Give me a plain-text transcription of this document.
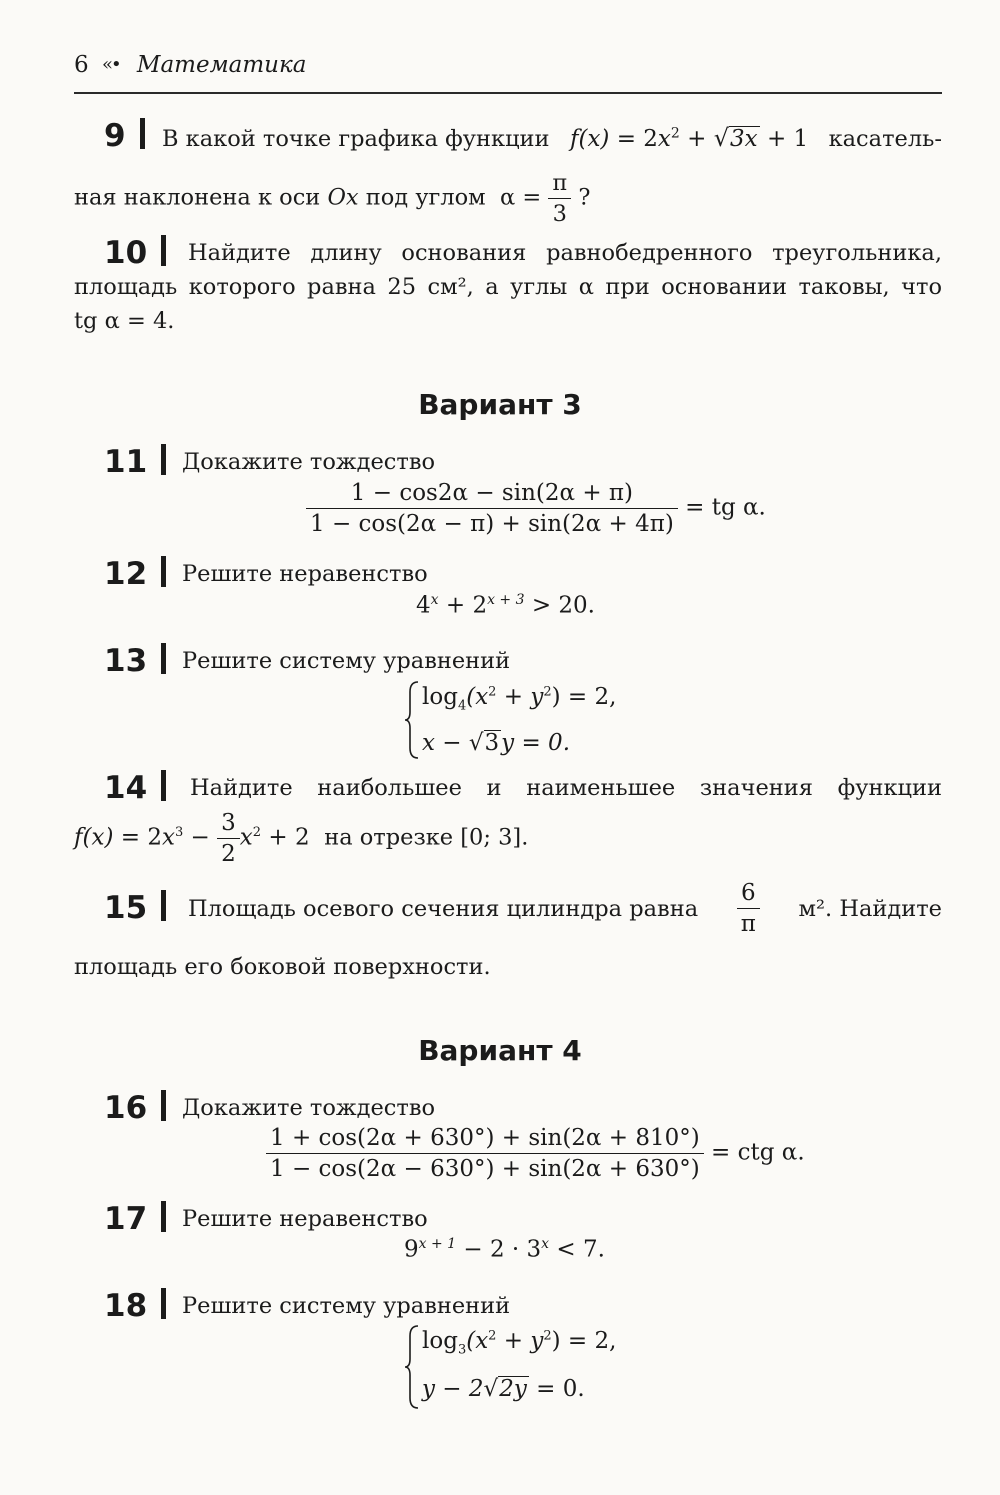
6 «• Математика
9	В какой точке графика функции $f(x) = 2x^2 + √3x + 1$ касатель-
ная наклонена к оси Ox под углом $\alpha = \frac{\pi}{3}$ ?
10	Найдите длину основания равнобедренного треугольника,
площадь которого равна 25 см², а углы α при основании таковы, что
tg α = 4.
Вариант 3
11	Докажите тождество
$\frac{1 - \cos 2\alpha - \sin(2\alpha + \pi)}{1 - \cos(2\alpha - \pi) + \sin(2\alpha + 4\pi)}$ = tg α.
12	Решите неравенство
$4^x + 2^{x + 3} > 20$.
13	Решите систему уравнений
$\log_4(x^2 + y^2) = 2$,
x − √3y = 0.
14	Найдите наибольшее и наименьшее значения функции
$f(x) = 2x^3 - \frac{3}{2} x^2 + 2$ на отрезке [0; 3].
15	Площадь осевого сечения цилиндра равна $\frac{6}{\pi} м^2$. Найдите
площадь его боковой поверхности.
Вариант 4
16	Докажите тождество
$\frac{1 + \cos(2\alpha + 630^\circ) + \sin(2\alpha + 810^\circ)}{1 - \cos(2\alpha - 630^\circ) + \sin(2\alpha + 630^\circ)}$ = ctg α.
17	Решите неравенство
$9^{x + 1} - 2 \cdot 3^x < 7$.
18	Решите систему уравнений
$\log_3(x^2 + y^2) = 2$,
y − 2√2y = 0.
